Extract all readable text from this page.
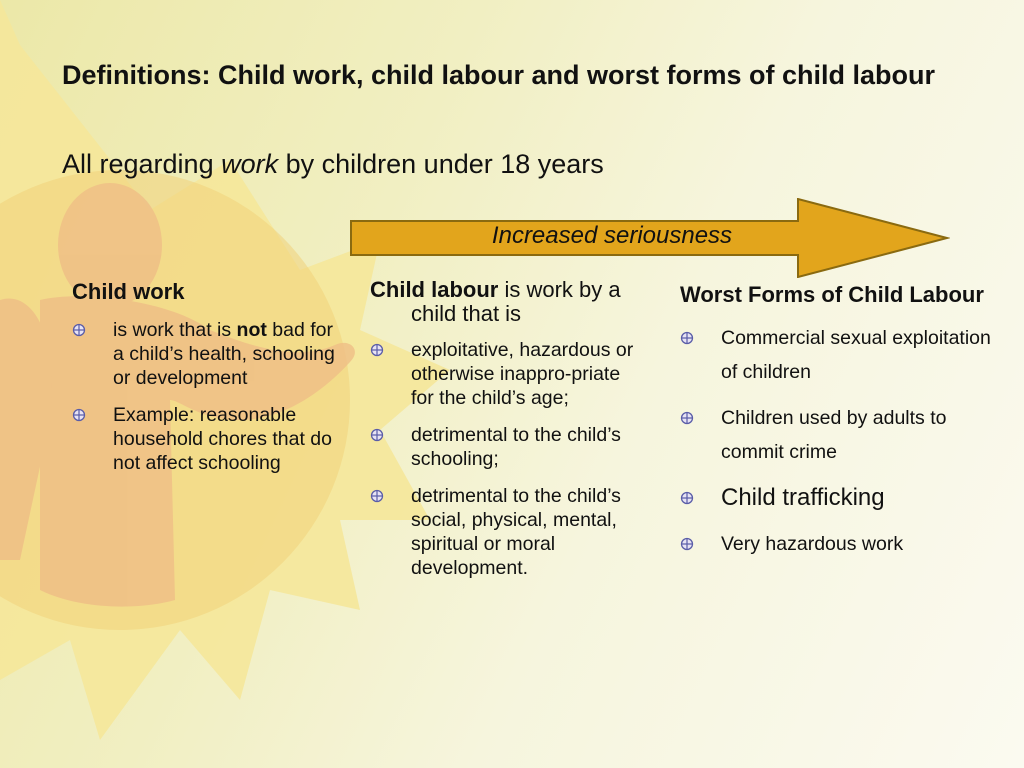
Definitions: Child work, child labour and worst forms of child labour

All regarding work by children under 18 years

Increased seriousness

Child work

is work that is not bad for a child’s health, schooling or development
Example: reasonable household chores that do not affect schooling

Child labour is work by a child that is

exploitative, hazardous or otherwise inappro-priate for the child’s age;
detrimental to the child’s schooling;
detrimental to the child’s social, physical, mental, spiritual or moral development.

Worst Forms of Child Labour

Commercial sexual exploitation of children
Children used by adults to commit crime
Child trafficking
Very hazardous work
